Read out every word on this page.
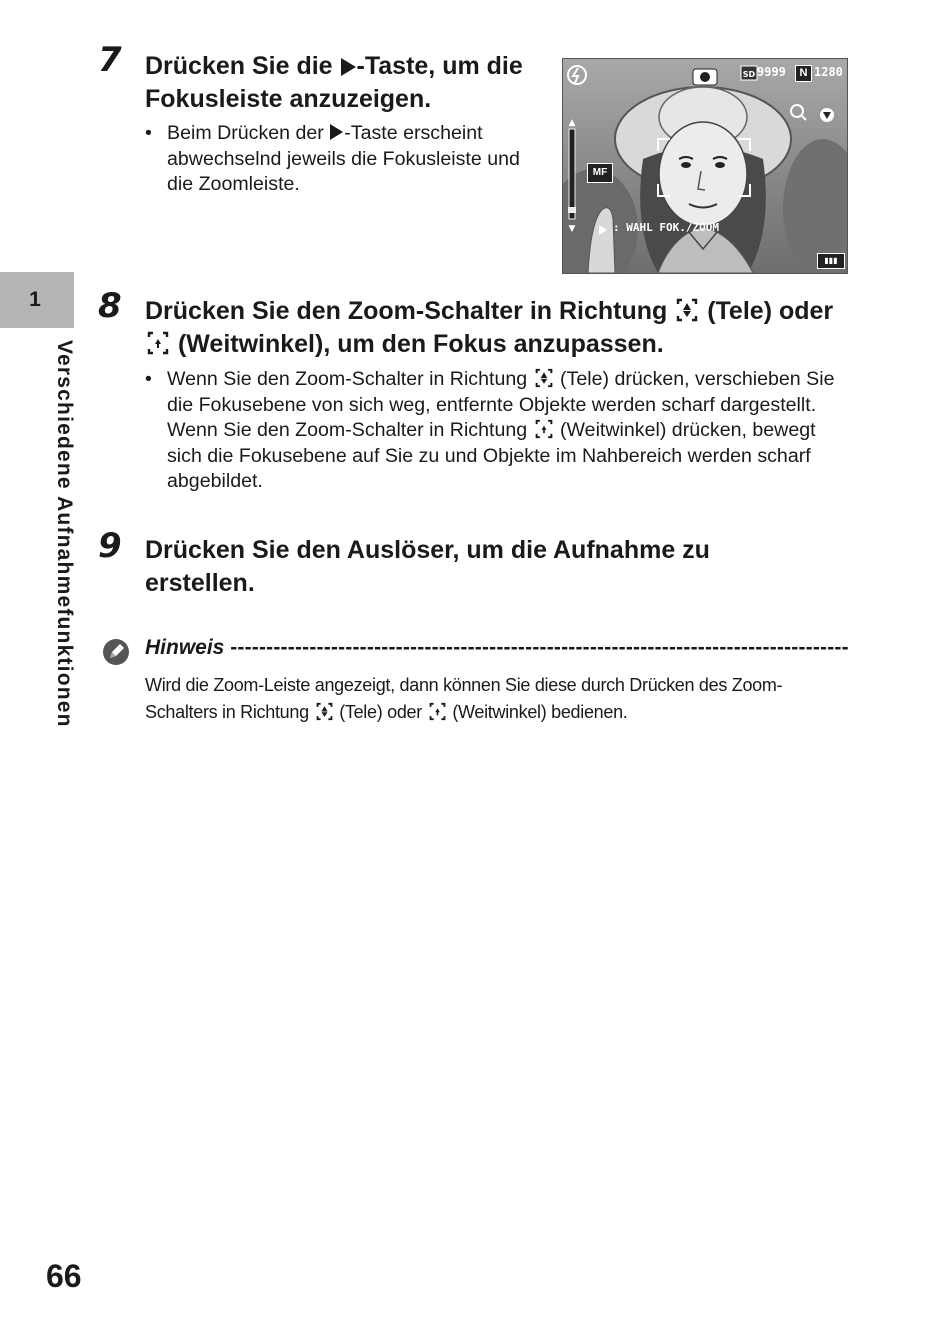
1
Verschiedene Aufnahmefunktionen
7 Drücken Sie die -Taste, um die Fokusleiste anzuzeigen.
• Beim Drücken der -Taste erscheint abwechselnd jeweils die Fokusleiste und die Zoomleiste.
▲
▼
SD 9999	N 1280
MF
: WAHL FOK./ZOOM
▮▮▮
8 Drücken Sie den Zoom-Schalter in Richtung  (Tele) oder  (Weitwinkel), um den Fokus anzupassen.
• Wenn Sie den Zoom-Schalter in Richtung  (Tele) drücken, verschieben Sie die Fokusebene von sich weg, entfernte Objekte werden scharf dargestellt.
Wenn Sie den Zoom-Schalter in Richtung  (Weitwinkel) drücken, bewegt sich die Fokusebene auf Sie zu und Objekte im Nahbereich werden scharf abgebildet.
9 Drücken Sie den Auslöser, um die Aufnahme zu erstellen.
Hinweis --------------------------------------------------------------------------------------

Wird die Zoom-Leiste angezeigt, dann können Sie diese durch Drücken des Zoom-Schalters in Richtung  (Tele) oder  (Weitwinkel) bedienen.

66
